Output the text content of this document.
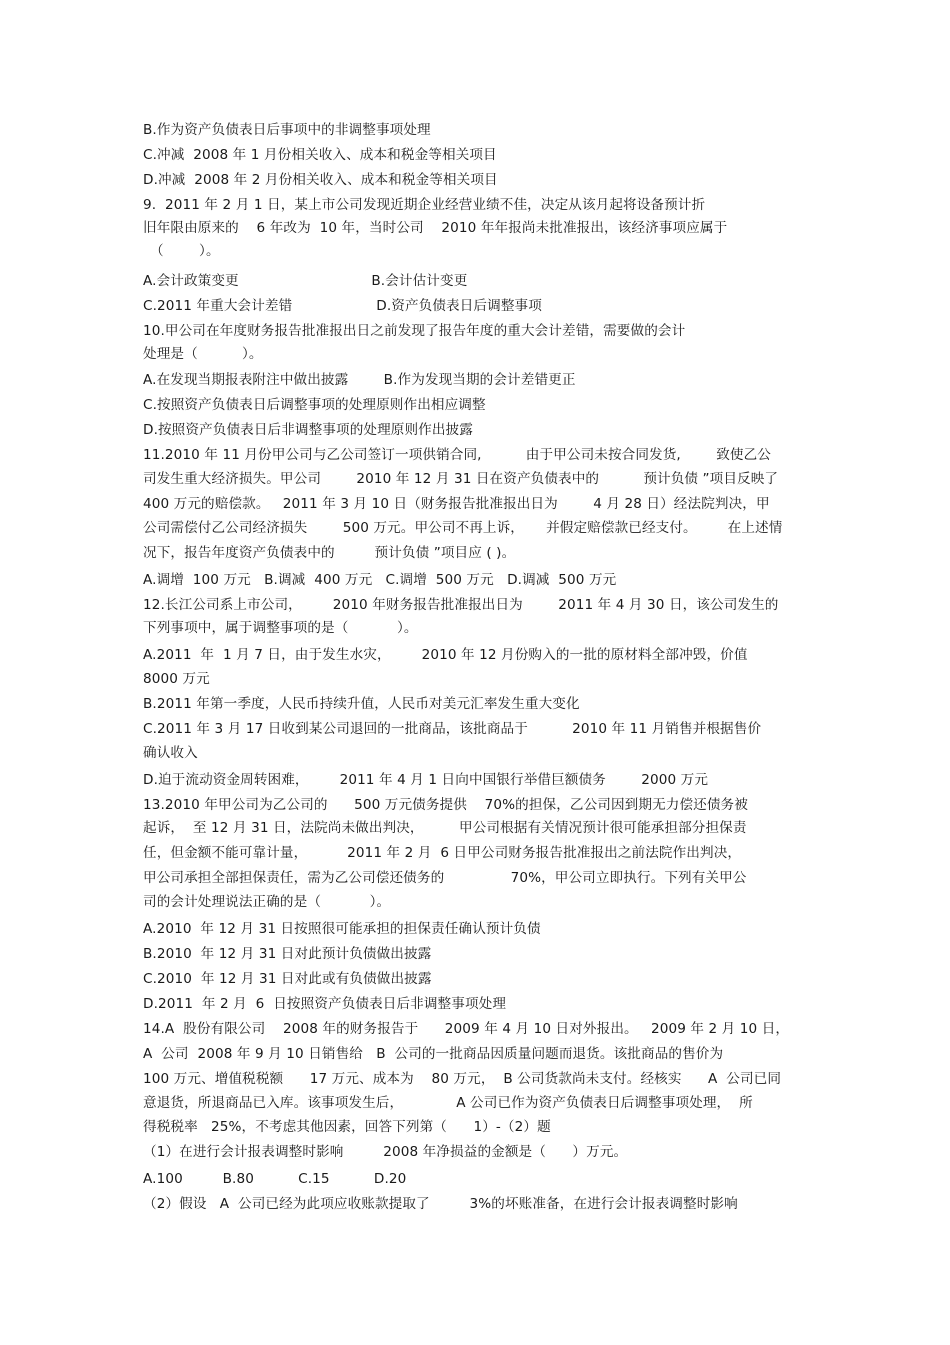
B.作为资产负债表日后事项中的非调整事项处理
C.冲减  2008 年 1 月份相关收入、成本和税金等相关项目
D.冲减  2008 年 2 月份相关收入、成本和税金等相关项目
9.  2011 年 2 月 1 日，某上市公司发现近期企业经营业绩不佳，决定从该月起将设备预计折
旧年限由原来的    6 年改为  10 年，当时公司    2010 年年报尚未批准报出，该经济事项应属于
（        ）。
A.会计政策变更                              B.会计估计变更
C.2011 年重大会计差错                   D.资产负债表日后调整事项
10.甲公司在年度财务报告批准报出日之前发现了报告年度的重大会计差错，需要做的会计
处理是（          ）。
A.在发现当期报表附注中做出披露        B.作为发现当期的会计差错更正
C.按照资产负债表日后调整事项的处理原则作出相应调整
D.按照资产负债表日后非调整事项的处理原则作出披露
11.2010 年 11 月份甲公司与乙公司签订一项供销合同,          由于甲公司未按合同发货,        致使乙公
司发生重大经济损失。甲公司        2010 年 12 月 31 日在资产负债表中的          预计负债 ”项目反映了
400 万元的赔偿款。   2011 年 3 月 10 日（财务报告批准报出日为        4 月 28 日）经法院判决，甲
公司需偿付乙公司经济损失        500 万元。甲公司不再上诉，     并假定赔偿款已经支付。       在上述情
况下，报告年度资产负债表中的         预计负债 ”项目应 ( )。
A.调增  100 万元   B.调减  400 万元   C.调增  500 万元   D.调减  500 万元
12.长江公司系上市公司，       2010 年财务报告批准报出日为        2011 年 4 月 30 日，该公司发生的
下列事项中，属于调整事项的是（           ）。
A.2011  年  1 月 7 日，由于发生水灾，       2010 年 12 月份购入的一批的原材料全部冲毁，价值
8000 万元
B.2011 年第一季度，人民币持续升值，人民币对美元汇率发生重大变化
C.2011 年 3 月 17 日收到某公司退回的一批商品，该批商品于          2010 年 11 月销售并根据售价
确认收入
D.迫于流动资金周转困难，       2011 年 4 月 1 日向中国银行举借巨额债务        2000 万元
13.2010 年甲公司为乙公司的      500 万元债务提供    70%的担保，乙公司因到期无力偿还债务被
起诉，  至 12 月 31 日，法院尚未做出判决，        甲公司根据有关情况预计很可能承担部分担保责
任，但金额不能可靠计量，         2011 年 2 月  6 日甲公司财务报告批准报出之前法院作出判决，
甲公司承担全部担保责任，需为乙公司偿还债务的               70%，甲公司立即执行。下列有关甲公
司的会计处理说法正确的是（           ）。
A.2010  年 12 月 31 日按照很可能承担的担保责任确认预计负债
B.2010  年 12 月 31 日对此预计负债做出披露
C.2010  年 12 月 31 日对此或有负债做出披露
D.2011  年 2 月  6  日按照资产负债表日后非调整事项处理
14.A  股份有限公司    2008 年的财务报告于      2009 年 4 月 10 日对外报出。   2009 年 2 月 10 日，
A  公司  2008 年 9 月 10 日销售给   B  公司的一批商品因质量问题而退货。该批商品的售价为
100 万元、增值税税额      17 万元、成本为    80 万元，  B 公司货款尚未支付。经核实      A  公司已同
意退货，所退商品已入库。该事项发生后，            A 公司已作为资产负债表日后调整事项处理，  所
得税税率   25%，不考虑其他因素，回答下列第（      1）-（2）题
（1）在进行会计报表调整时影响         2008 年净损益的金额是（      ）万元。
A.100         B.80          C.15          D.20
（2）假设   A  公司已经为此项应收账款提取了         3%的坏账准备，在进行会计报表调整时影响
